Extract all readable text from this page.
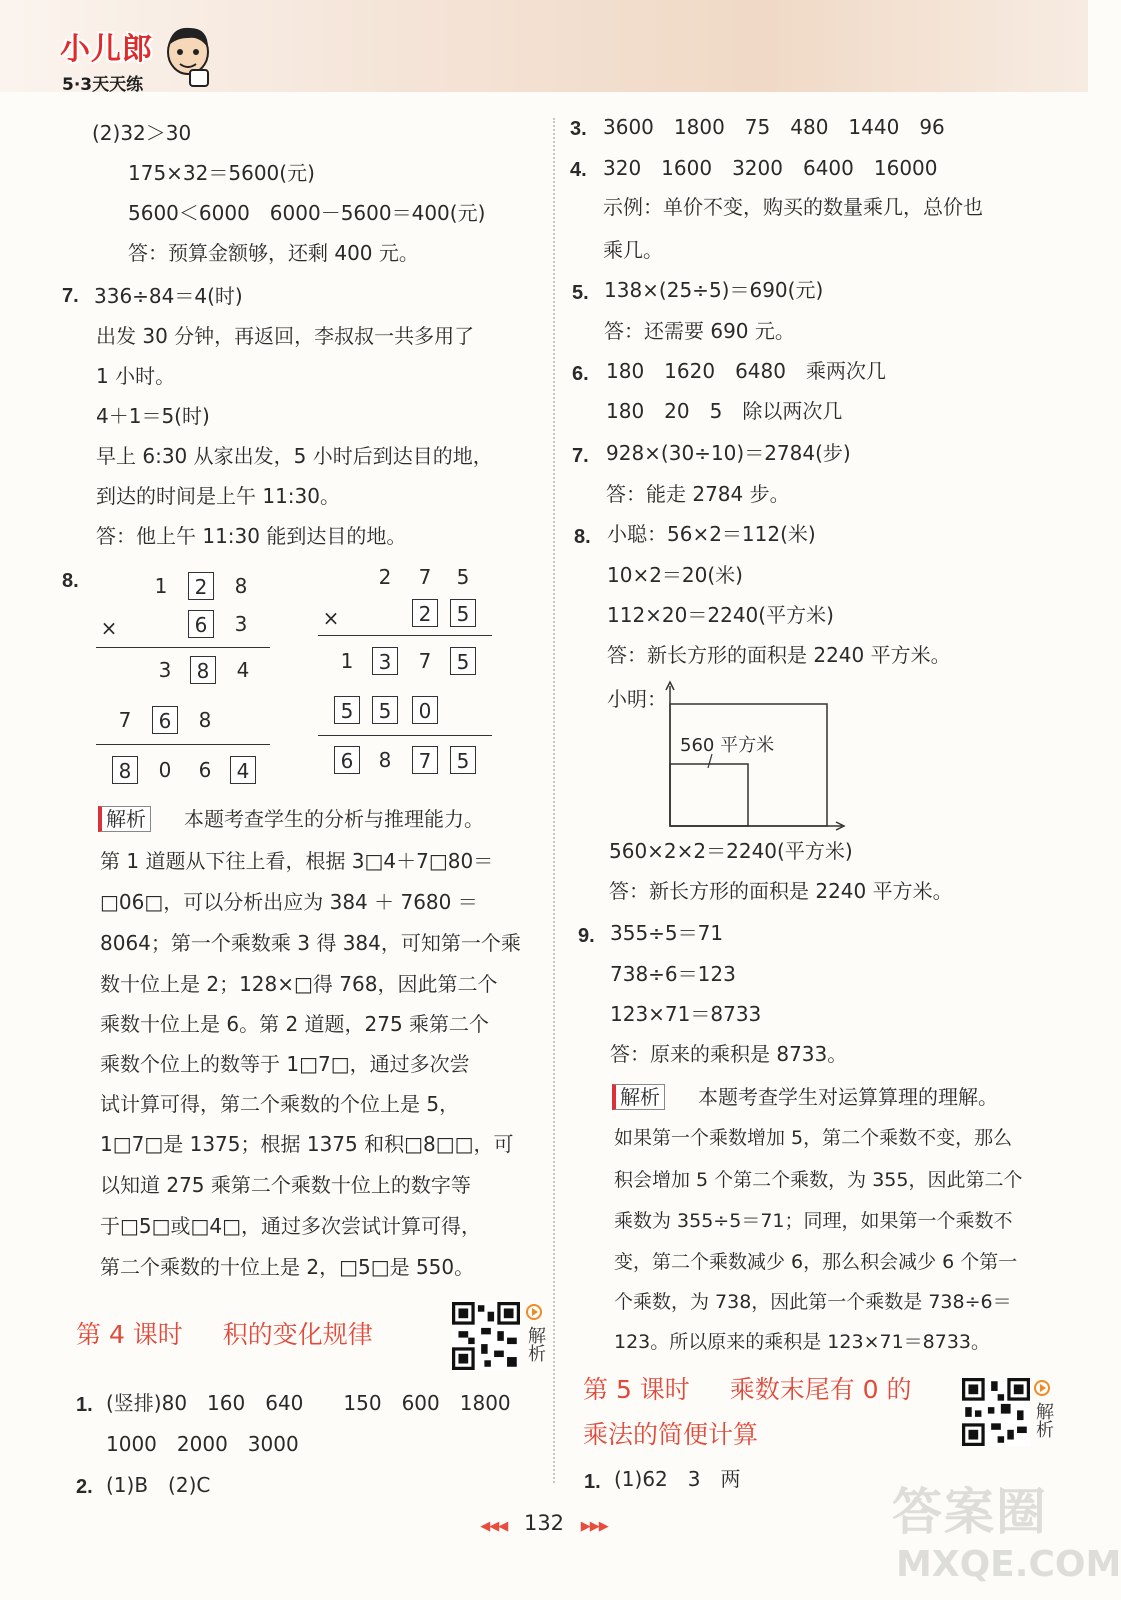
小儿郎
5·3天天练
(2)32＞30
175×32＝5600(元)
5600＜6000　6000－5600＝400(元)
答：预算金额够，还剩 400 元。
7. 336÷84＝4(时)
出发 30 分钟，再返回，李叔叔一共多用了
1 小时。
4＋1＝5(时)
早上 6:30 从家出发，5 小时后到达目的地，
到达的时间是上午 11:30。
答：他上午 11:30 能到达目的地。
8.	1	2	8
×	6	3
3	8	4
7	6	8
8	0	6	4
2	7	5
×	2	5
1	3	7	5
5	5	0
6	8	7	5
解析 本题考查学生的分析与推理能力。
第 1 道题从下往上看，根据 3□4＋7□80＝
□06□，可以分析出应为 384 ＋ 7680 ＝
8064；第一个乘数乘 3 得 384，可知第一个乘
数十位上是 2；128×□得 768，因此第二个
乘数十位上是 6。第 2 道题，275 乘第二个
乘数个位上的数等于 1□7□，通过多次尝
试计算可得，第二个乘数的个位上是 5，
1□7□是 1375；根据 1375 和积□8□□，可
以知道 275 乘第二个乘数十位上的数字等
于□5□或□4□，通过多次尝试计算可得，
第二个乘数的十位上是 2，□5□是 550。
第 4 课时 积的变化规律	解析
1. (竖排)80　160　640　　150　600　1800
1000　2000　3000
2. (1)B　(2)C
3. 3600　1800　75　480　1440　96
4. 320　1600　3200　6400　16000
示例：单价不变，购买的数量乘几，总价也
乘几。
5. 138×(25÷5)＝690(元)
答：还需要 690 元。
6. 180　1620　6480　乘两次几
180　20　5　除以两次几
7. 928×(30÷10)＝2784(步)
答：能走 2784 步。
8. 小聪：56×2＝112(米)
10×2＝20(米)
112×20＝2240(平方米)
答：新长方形的面积是 2240 平方米。
小明：
560 平方米
560×2×2＝2240(平方米)
答：新长方形的面积是 2240 平方米。
9. 355÷5＝71
738÷6＝123
123×71＝8733
答：原来的乘积是 8733。
解析 本题考查学生对运算算理的理解。
如果第一个乘数增加 5，第二个乘数不变，那么
积会增加 5 个第二个乘数，为 355，因此第二个
乘数为 355÷5＝71；同理，如果第一个乘数不
变，第二个乘数减少 6，那么积会减少 6 个第一
个乘数，为 738，因此第一个乘数是 738÷6＝
123。所以原来的乘积是 123×71＝8733。
第 5 课时 乘数末尾有 0 的
乘法的简便计算	解析
1. (1)62　3　两
◀◀◀ 132 ▶▶▶	答案圈
MXQE.COM
